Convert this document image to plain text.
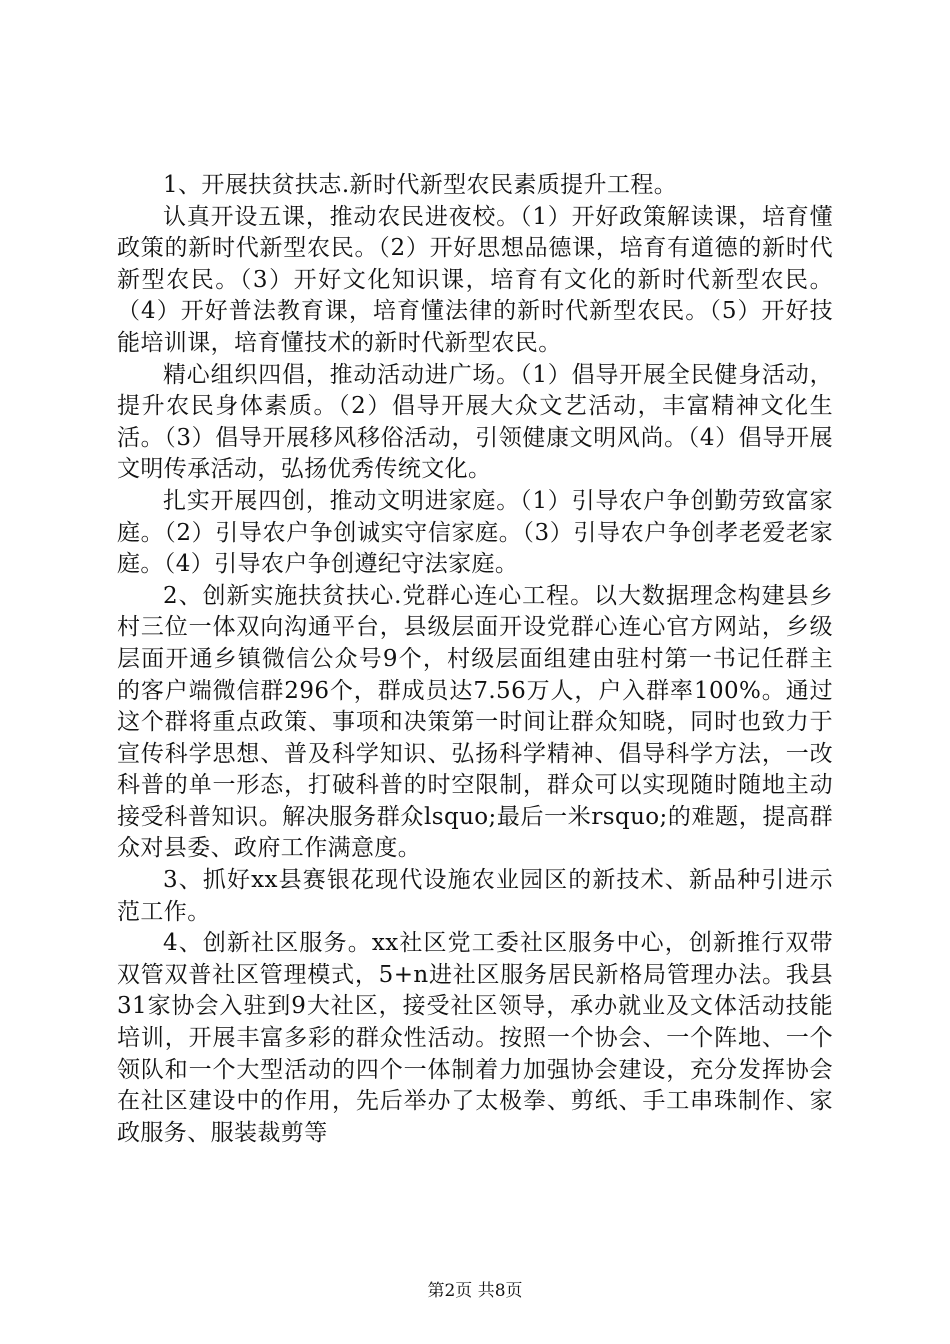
1、开展扶贫扶志.新时代新型农民素质提升工程。

认真开设五课，推动农民进夜校。（1）开好政策解读课，培育懂政策的新时代新型农民。（2）开好思想品德课，培育有道德的新时代新型农民。（3）开好文化知识课，培育有文化的新时代新型农民。（4）开好普法教育课，培育懂法律的新时代新型农民。（5）开好技能培训课，培育懂技术的新时代新型农民。

精心组织四倡，推动活动进广场。（1）倡导开展全民健身活动，提升农民身体素质。（2）倡导开展大众文艺活动，丰富精神文化生活。（3）倡导开展移风移俗活动，引领健康文明风尚。（4）倡导开展文明传承活动，弘扬优秀传统文化。

扎实开展四创，推动文明进家庭。（1）引导农户争创勤劳致富家庭。（2）引导农户争创诚实守信家庭。（3）引导农户争创孝老爱老家庭。（4）引导农户争创遵纪守法家庭。

2、创新实施扶贫扶心.党群心连心工程。以大数据理念构建县乡村三位一体双向沟通平台，县级层面开设党群心连心官方网站，乡级层面开通乡镇微信公众号9个，村级层面组建由驻村第一书记任群主的客户端微信群296个，群成员达7.56万人，户入群率100%。通过这个群将重点政策、事项和决策第一时间让群众知晓，同时也致力于宣传科学思想、普及科学知识、弘扬科学精神、倡导科学方法，一改科普的单一形态，打破科普的时空限制，群众可以实现随时随地主动接受科普知识。解决服务群众lsquo;最后一米rsquo;的难题，提高群众对县委、政府工作满意度。

3、抓好xx县赛银花现代设施农业园区的新技术、新品种引进示范工作。

4、创新社区服务。xx社区党工委社区服务中心，创新推行双带双管双普社区管理模式，5+n进社区服务居民新格局管理办法。我县31家协会入驻到9大社区，接受社区领导，承办就业及文体活动技能培训，开展丰富多彩的群众性活动。按照一个协会、一个阵地、一个领队和一个大型活动的四个一体制着力加强协会建设，充分发挥协会在社区建设中的作用，先后举办了太极拳、剪纸、手工串珠制作、家政服务、服装裁剪等

第2页 共8页
